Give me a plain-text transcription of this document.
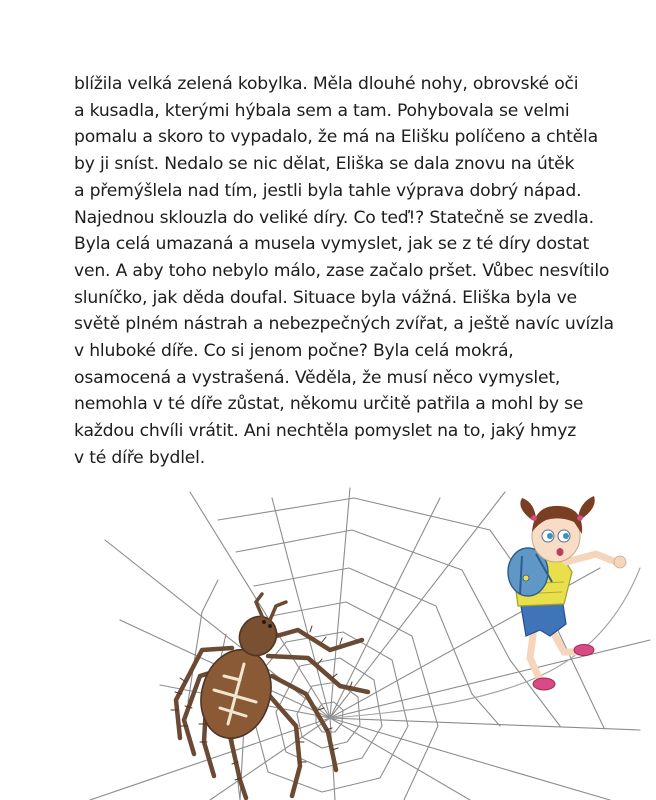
blížila velká zelená kobylka. Měla dlouhé nohy, obrovské oči
a kusadla, kterými hýbala sem a tam. Pohybovala se velmi
pomalu a skoro to vypadalo, že má na Elišku políčeno a chtěla
by ji sníst. Nedalo se nic dělat, Eliška se dala znovu na útěk
a přemýšlela nad tím, jestli byla tahle výprava dobrý nápad.
Najednou sklouzla do veliké díry. Co teď!? Statečně se zvedla.
Byla celá umazaná a musela vymyslet, jak se z té díry dostat
ven. A aby toho nebylo málo, zase začalo pršet. Vůbec nesvítilo
sluníčko, jak děda doufal. Situace byla vážná. Eliška byla ve
světě plném nástrah a nebezpečných zvířat, a ještě navíc uvízla
v hluboké díře. Co si jenom počne? Byla celá mokrá,
osamocená a vystrašená. Věděla, že musí něco vymyslet,
nemohla v té díře zůstat, někomu určitě patřila a mohl by se
každou chvíli vrátit. Ani nechtěla pomyslet na to, jaký hmyz
v té díře bydlel.
